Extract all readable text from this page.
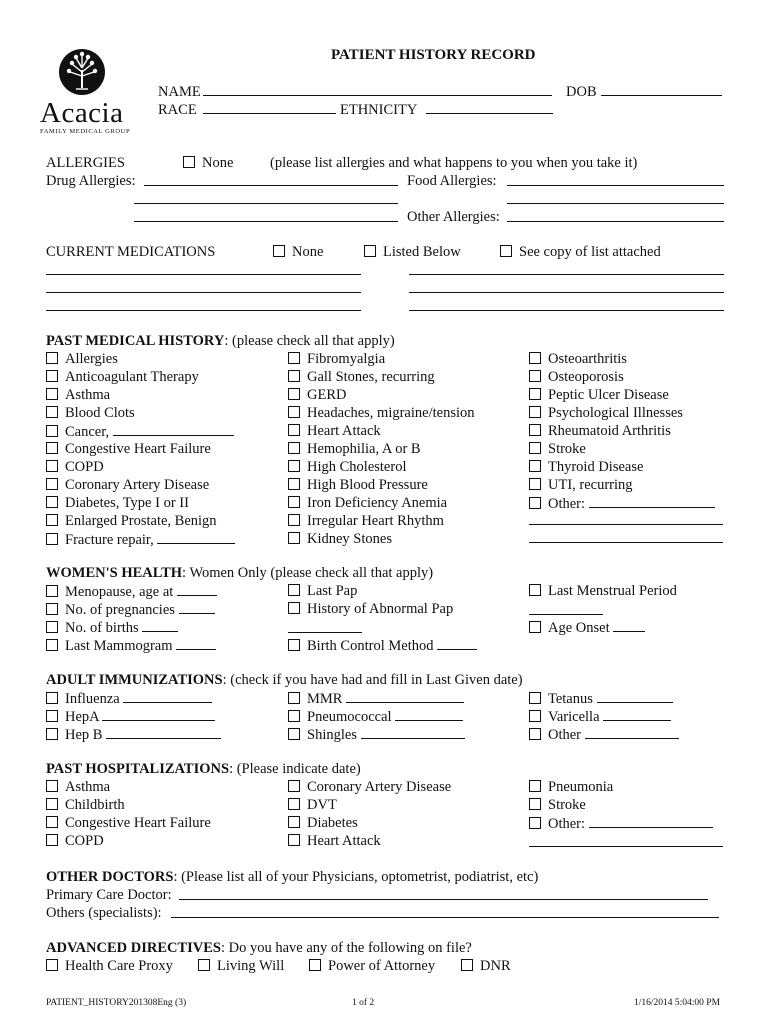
Acacia
FAMILY MEDICAL GROUP
PATIENT HISTORY RECORD
NAME	DOB
RACE	ETHNICITY
ALLERGIES	None	(please list allergies and what happens to you when you take it)
Drug Allergies:	Food Allergies:
Other Allergies:
CURRENT MEDICATIONS	None	Listed Below	See copy of list attached
PAST MEDICAL HISTORY: (please check all that apply)
Allergies
Anticoagulant Therapy
Asthma
Blood Clots
Cancer,
Congestive Heart Failure
COPD
Coronary Artery Disease
Diabetes, Type I or II
Enlarged Prostate, Benign
Fracture repair,
Fibromyalgia
Gall Stones, recurring
GERD
Headaches, migraine/tension
Heart Attack
Hemophilia, A or B
High Cholesterol
High Blood Pressure
Iron Deficiency Anemia
Irregular Heart Rhythm
Kidney Stones
Osteoarthritis
Osteoporosis
Peptic Ulcer Disease
Psychological Illnesses
Rheumatoid Arthritis
Stroke
Thyroid Disease
UTI, recurring
Other:
WOMEN'S HEALTH: Women Only (please check all that apply)
Menopause, age at
No. of pregnancies
No. of births
Last Mammogram
Last Pap
History of Abnormal Pap
Birth Control Method
Last Menstrual Period
Age Onset
ADULT IMMUNIZATIONS: (check if you have had and fill in Last Given date)
Influenza
HepA
Hep B
MMR
Pneumococcal
Shingles
Tetanus
Varicella
Other
PAST HOSPITALIZATIONS: (Please indicate date)
Asthma
Childbirth
Congestive Heart Failure
COPD
Coronary Artery Disease
DVT
Diabetes
Heart Attack
Pneumonia
Stroke
Other:
OTHER DOCTORS: (Please list all of your Physicians, optometrist, podiatrist, etc)
Primary Care Doctor:
Others (specialists):
ADVANCED DIRECTIVES: Do you have any of the following on file?
Health Care Proxy	Living Will	Power of Attorney	DNR
PATIENT_HISTORY201308Eng (3)	1 of 2	1/16/2014 5:04:00 PM
